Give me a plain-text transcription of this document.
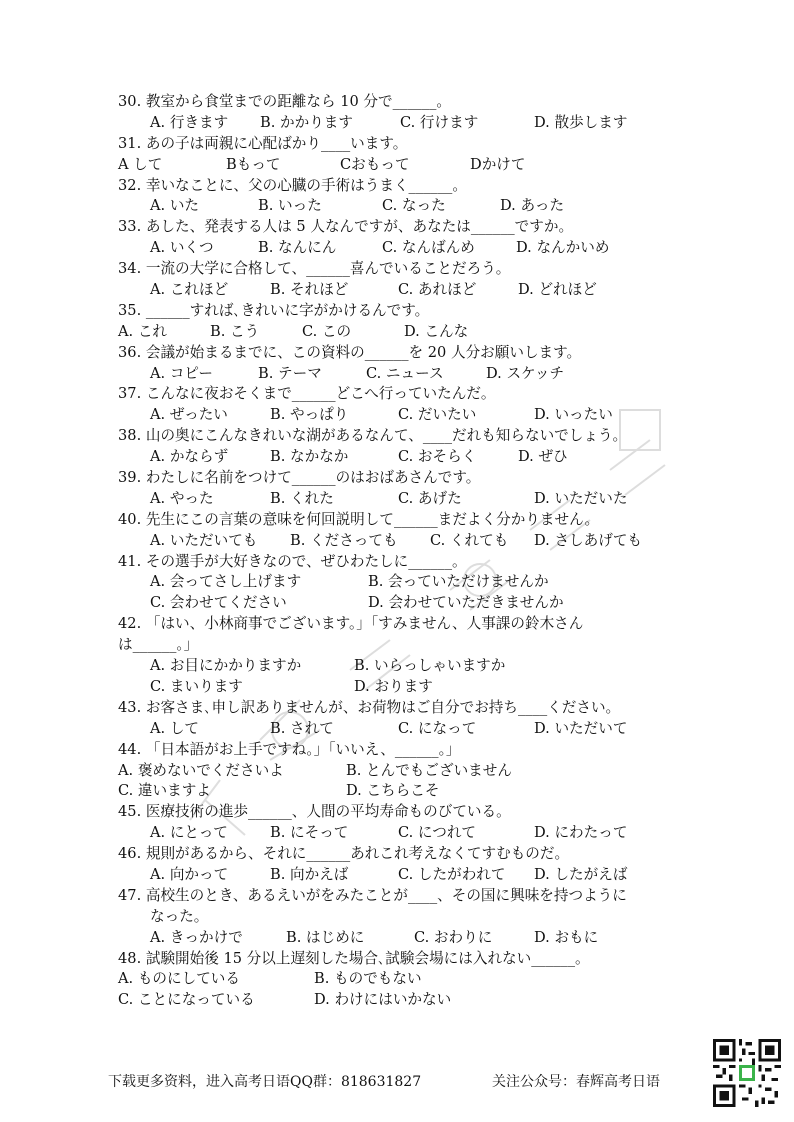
30. 教室から食堂までの距離なら 10 分で______。
A. 行きます B. かかります	C. 行けます	D. 散歩します
31. あの子は両親に心配ばかり____います。
A して	Bもって	Cおもって	Dかけて
32. 幸いなことに、父の心臓の手術はうまく______。
A. いた	B. いった	C. なった	D. あった
33. あした、発表する人は 5 人なんですが、あなたは______ですか。
A. いくつ	B. なんにん	C. なんばんめ	D. なんかいめ
34. 一流の大学に合格して、______喜んでいることだろう。
A. これほど	B. それほど	C. あれほど	D. どれほど
35. ______すれば､きれいに字がかけるんです。
A. これ	B. こう	C. この	D. こんな
36. 会議が始まるまでに、この資料の______を 20 人分お願いします。
A. コピー	B. テーマ	C. ニュース	D. スケッチ
37. こんなに夜おそくまで______どこへ行っていたんだ。
A. ぜったい	B. やっぱり	C. だいたい	D. いったい
38. 山の奥にこんなきれいな湖があるなんて、____だれも知らないでしょう。
A. かならず	B. なかなか	C. おそらく	D. ぜひ
39. わたしに名前をつけて______のはおばあさんです。
A. やった	B. くれた	C. あげた	D. いただいた
40. 先生にこの言葉の意味を何回説明して______まだよく分かりません。
A. いただいても B. くださっても C. くれても D. さしあげても
41. その選手が大好きなので、ぜひわたしに______。
A. 会ってさし上げます	B. 会っていただけませんか
C. 会わせてください	D. 会わせていただきませんか
42. 「はい、小林商事でございます。」「すみません、人事課の鈴木さん
は______。」
A. お目にかかりますか	B. いらっしゃいますか
C. まいります	D. おります
43. お客さま､申し訳ありませんが、お荷物はご自分でお持ち____ください。
A. して	B. されて	C. になって	D. いただいて
44. 「日本語がお上手ですね。」「いいえ、______。」
A. 褒めないでくださいよ	B. とんでもございません
C. 違いますよ	D. こちらこそ
45. 医療技術の進歩______、人間の平均寿命ものびている。
A. にとって	B. にそって	C. につれて	D. にわたって
46. 規則があるから、それに______あれこれ考えなくてすむものだ。
A. 向かって	B. 向かえば	C. したがわれて D. したがえば
47. 高校生のとき、あるえいがをみたことが____、その国に興味を持つように
なった。
A. きっかけで	B. はじめに	C. おわりに	D. おもに
48. 試験開始後 15 分以上遅刻した場合､試験会場には入れない______。
A. ものにしている	B. ものでもない
C. ことになっている	D. わけにはいかない
下载更多资料，进入高考日语QQ群：818631827	关注公众号：春辉高考日语
